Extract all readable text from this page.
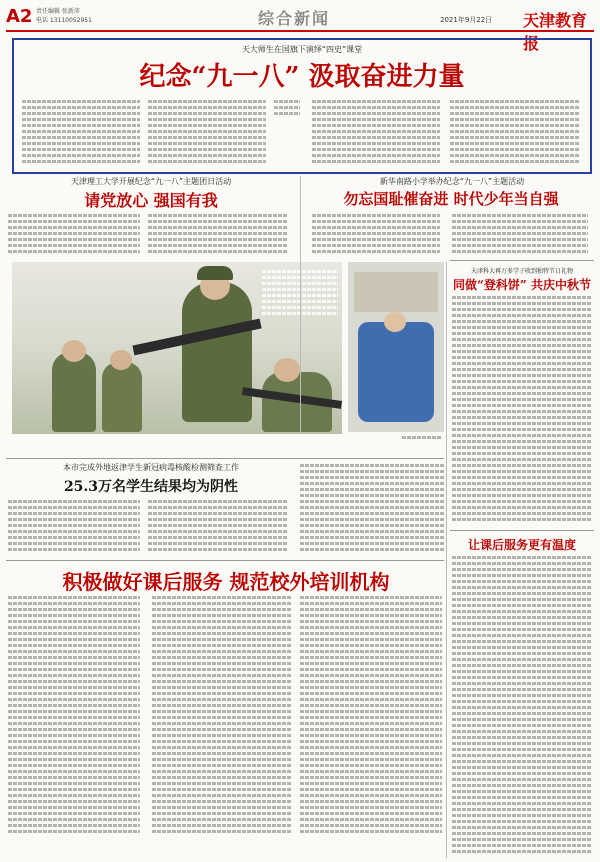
A2 责任编辑 张新沛
电话 13110052951	综合新闻	2021年9月22日 天津教育报
天大师生在国旗下演绎“四史”课堂
纪念“九一八” 汲取奋进力量
天津理工大学开展纪念“九一八”主题团日活动
请党放心 强国有我
新华南路小学举办纪念“九一八”主题活动
勿忘国耻催奋进 时代少年当自强
天津科大再万多学子收到独特节日礼物
同做“登科饼” 共庆中秋节
本市完成外地返津学生新冠病毒核酸检测筛查工作
25.3万名学生结果均为阴性
让课后服务更有温度
积极做好课后服务 规范校外培训机构
